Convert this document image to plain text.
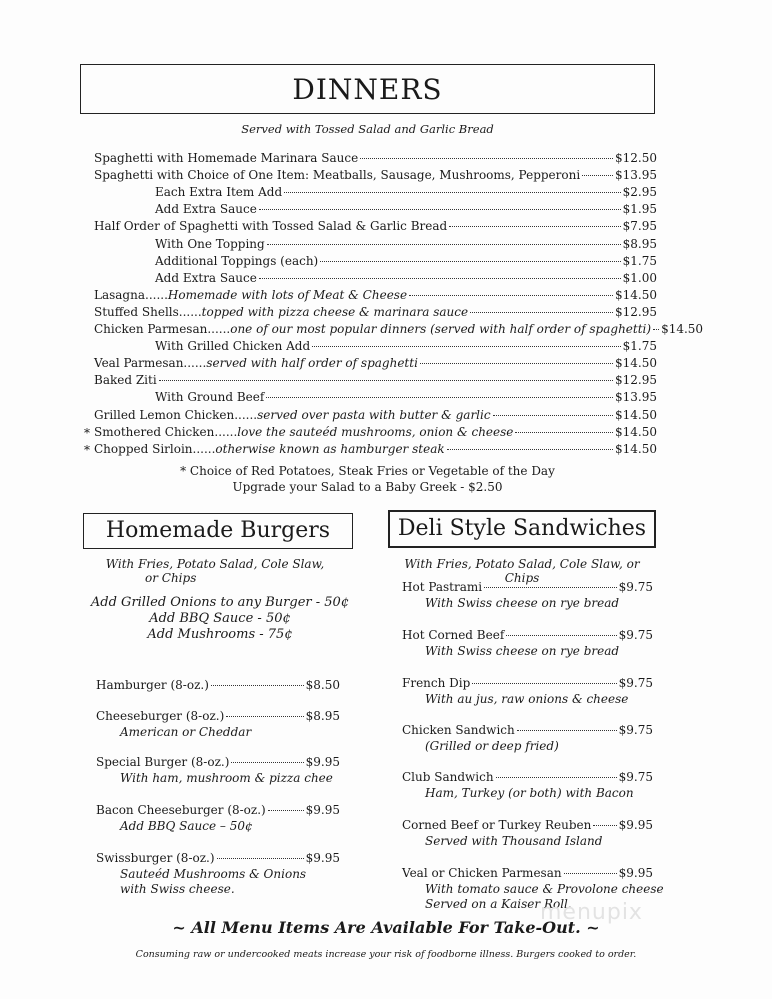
DINNERS
Served with Tossed Salad and Garlic Bread
Spaghetti with Homemade Marinara Sauce	$12.50
Spaghetti with Choice of One Item: Meatballs, Sausage, Mushrooms, Pepperoni	$13.95
Each Extra Item Add	$2.95
Add Extra Sauce	$1.95
Half Order of Spaghetti with Tossed Salad & Garlic Bread	$7.95
With One Topping	$8.95
Additional Toppings (each)	$1.75
Add Extra Sauce	$1.00
Lasagna...... Homemade with lots of Meat & Cheese	$14.50
Stuffed Shells...... topped with pizza cheese & marinara sauce	$12.95
Chicken Parmesan...... one of our most popular dinners (served with half order of spaghetti) $14.50
With Grilled Chicken Add	$1.75
Veal Parmesan...... served with half order of spaghetti	$14.50
Baked Ziti	$12.95
With Ground Beef	$13.95
Grilled Lemon Chicken...... served over pasta with butter & garlic	$14.50
Smothered Chicken...... love the sauteéd mushrooms, onion & cheese	$14.50
Chopped Sirloin...... otherwise known as hamburger steak	$14.50
*
*
* Choice of Red Potatoes, Steak Fries or Vegetable of the Day
Upgrade your Salad to a Baby Greek - $2.50
Homemade Burgers
With Fries, Potato Salad, Cole Slaw,
or Chips
Add Grilled Onions to any Burger - 50¢
Add BBQ Sauce - 50¢
Add Mushrooms - 75¢
Hamburger (8-oz.)	$8.50
Cheeseburger (8-oz.)	$8.95
American or Cheddar
Special Burger (8-oz.)	$9.95
With ham, mushroom & pizza chee
Bacon Cheeseburger (8-oz.)	$9.95
Add BBQ Sauce – 50¢
Swissburger (8-oz.)	$9.95
Sauteéd Mushrooms & Onions
with Swiss cheese.
Deli Style Sandwiches
With Fries, Potato Salad, Cole Slaw, or Chips
Hot Pastrami	$9.75
With Swiss cheese on rye bread
Hot Corned Beef	$9.75
With Swiss cheese on rye bread
French Dip	$9.75
With au jus, raw onions & cheese
Chicken Sandwich	$9.75
(Grilled or deep fried)
Club Sandwich	$9.75
Ham, Turkey (or both) with Bacon
Corned Beef or Turkey Reuben $9.95
Served with Thousand Island
Veal or Chicken Parmesan	$9.95
With tomato sauce & Provolone cheese
Served on a Kaiser Roll.
~ All Menu Items Are Available For Take-Out. ~
Consuming raw or undercooked meats increase your risk of foodborne illness. Burgers cooked to order.
menupix
